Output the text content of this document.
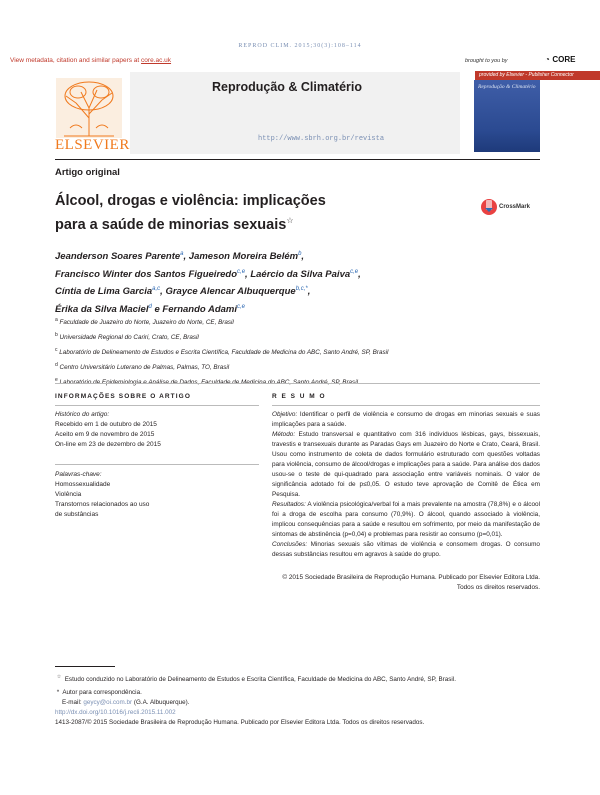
REPROD CLIM. 2015;30(3):108–114
View metadata, citation and similar papers at core.ac.uk	brought to you by	◔ CORE
provided by Elsevier - Publisher Connector
ELSEVIER
Reprodução & Climatério
http://www.sbrh.org.br/revista
Reprodução & Climatério
Artigo original
Álcool, drogas e violência: implicações
para a saúde de minorias sexuais☆
CrossMark
Jeanderson Soares Parente$^a$, Jameson Moreira Belém$^b$,
Francisco Winter dos Santos Figueiredo$^{c,e}$, Laércio da Silva Paiva$^{c,e}$,
Cíntia de Lima Garcia$^{a,c}$, Grayce Alencar Albuquerque$^{b,c,*}$,
Érika da Silva Maciel$^d$ e Fernando Adami$^{c,e}$
$^a$ Faculdade de Juazeiro do Norte, Juazeiro do Norte, CE, Brasil
$^b$ Universidade Regional do Cariri, Crato, CE, Brasil
$^c$ Laboratório de Delineamento de Estudos e Escrita Científica, Faculdade de Medicina do ABC, Santo André, SP, Brasil
$^d$ Centro Universitário Luterano de Palmas, Palmas, TO, Brasil
$^e$
INFORMAÇÕES SOBRE O ARTIGO	R E S U M O
Histórico do artigo:
Recebido em 1 de outubro de 2015
Aceito em 9 de novembro de 2015
On-line em 23 de dezembro de 2015
Palavras-chave:
Homossexualidade
Violência
Transtornos relacionados ao uso
de substâncias

Objetivo: Identificar o perfil de violência e consumo de drogas em minorias sexuais e suas implicações para a saúde.

Método: Estudo transversal e quantitativo com 316 indivíduos lésbicas, gays, bissexuais, travestis e transexuais durante as Paradas Gays em Juazeiro do Norte e Crato, Ceará, Brasil. Usou como instrumento de coleta de dados formulário estruturado com questões voltadas para violência, consumo de álcool/drogas e implicações para a saúde. Para análise dos dados usou-se o teste de qui-quadrado para associação entre variáveis nominais. O valor de significância adotado foi de p≤0,05. O estudo teve aprovação de Comitê de Ética em Pesquisa.

Resultados: A violência psicológica/verbal foi a mais prevalente na amostra (78,8%) e o álcool foi a droga de escolha para consumo (70,9%). O álcool, quando associado à violência, implicou consequências para a saúde e resultou em sofrimento, por meio da manifestação de sintomas de abstinência (p=0,04) e problemas para resistir ao consumo (p=0,01).

Conclusões: Minorias sexuais são vítimas de violência e consomem drogas. O consumo dessas substâncias resultou em agravos à saúde do grupo.

© 2015 Sociedade Brasileira de Reprodução Humana. Publicado por Elsevier Editora Ltda.
Todos os direitos reservados.

☆ Estudo conduzido no Laboratório de Delineamento de Estudos e Escrita Científica, Faculdade de Medicina do ABC, Santo André, SP, Brasil.

* Autor para correspondência.

E-mail: geycy@oi.com.br (G.A. Albuquerque).

http://dx.doi.org/10.1016/j.recli.2015.11.002

1413-2087/© 2015 Sociedade Brasileira de Reprodução Humana. Publicado por Elsevier Editora Ltda. Todos os direitos reservados.
